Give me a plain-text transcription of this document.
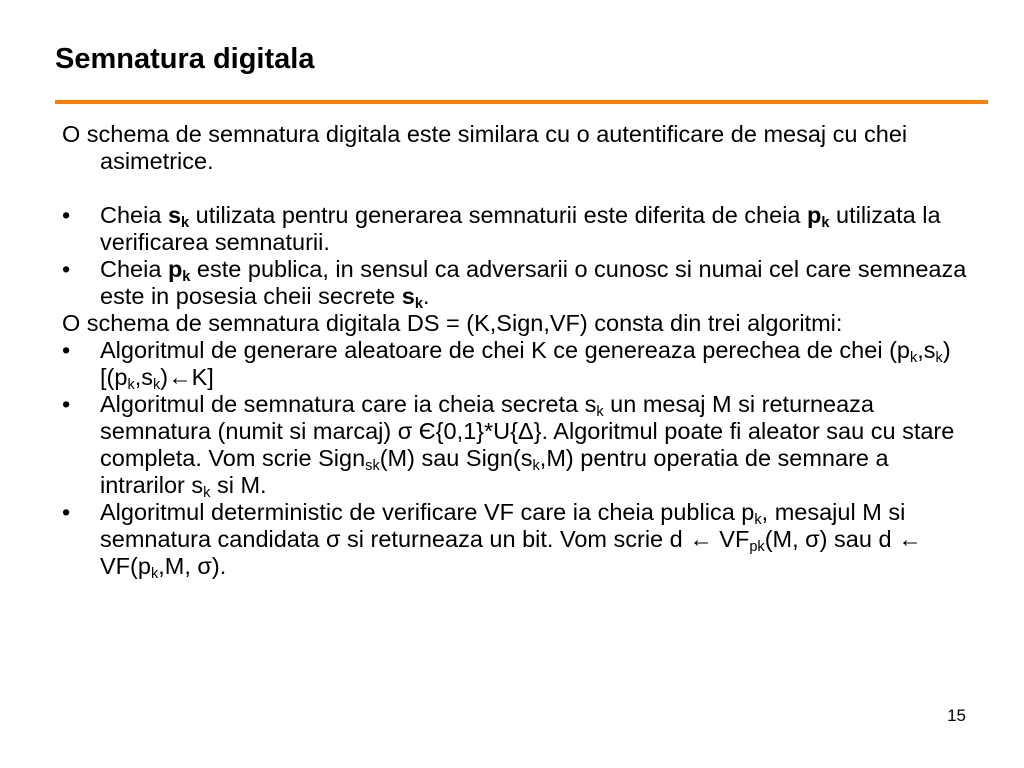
Semnatura digitala
O schema de semnatura digitala este similara cu o autentificare de mesaj cu chei asimetrice.
•	Cheia $s_k$ utilizata pentru generarea semnaturii este diferita de cheia $p_k$ utilizata la verificarea semnaturii.
•	Cheia $p_k$ este publica, in sensul ca adversarii o cunosc si numai cel care semneaza este in posesia cheii secrete $s_k$.
O schema de semnatura digitala DS = (K,Sign,VF) consta din trei algoritmi:
•	Algoritmul de generare aleatoare de chei K ce genereaza perechea de chei $(p_k,s_k)$ $[(p_k,s_k)\leftarrow K]$
•	Algoritmul de semnatura care ia cheia secreta $s_k$ un mesaj M si returneaza semnatura (numit si marcaj) σ Є{0,1}*U{Δ}. Algoritmul poate fi aleator sau cu stare completa. Vom scrie Sign$_{sk}$(M) sau $Sign(s_k,M)$ pentru operatia de semnare a intrarilor $s_k$ si M.
•	Algoritmul deterministic de verificare VF care ia cheia publica $p_k$, mesajul M si semnatura candidata σ si returneaza un bit. Vom scrie d ← $VF_{pk}(M$, σ) sau d ← $VF(p_k,M$, σ).
15
